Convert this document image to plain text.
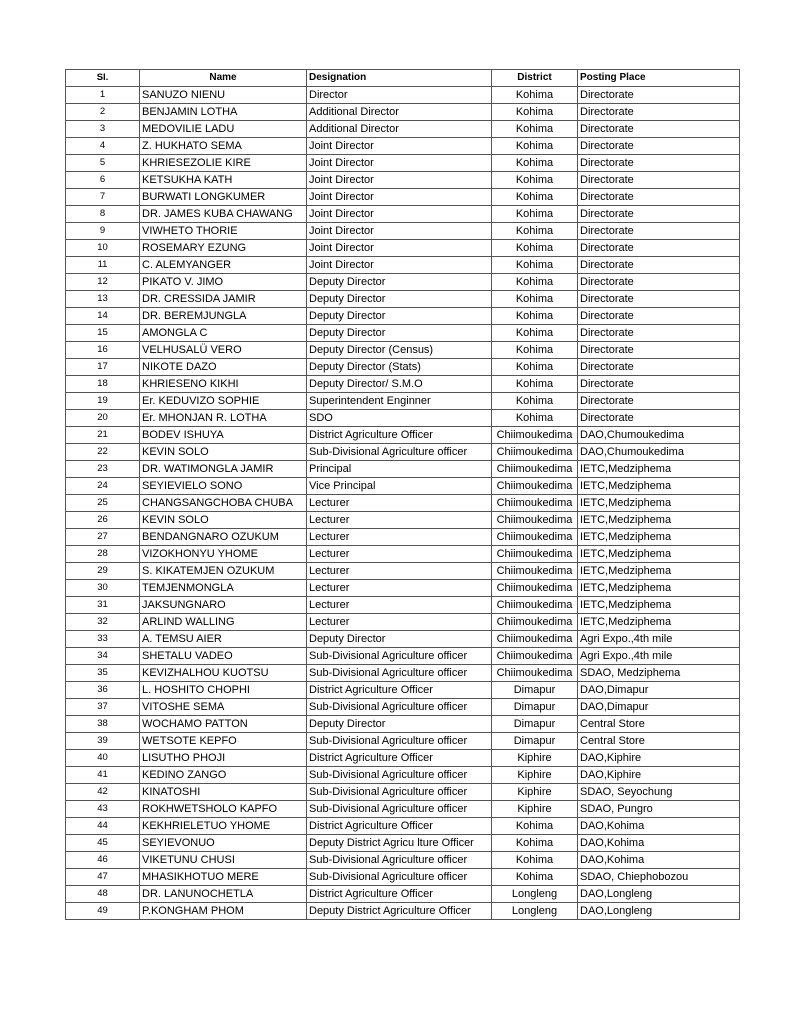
Sl.	Name	Designation	District	Posting Place
1	SANUZO NIENU	Director	Kohima	Directorate
2	BENJAMIN LOTHA	Additional Director	Kohima	Directorate
3	MEDOVILIE LADU	Additional Director	Kohima	Directorate
4	Z. HUKHATO SEMA	Joint Director	Kohima	Directorate
5	KHRIESEZOLIE KIRE	Joint Director	Kohima	Directorate
6	KETSUKHA KATH	Joint Director	Kohima	Directorate
7	BURWATI LONGKUMER	Joint Director	Kohima	Directorate
8	DR. JAMES KUBA CHAWANG	Joint Director	Kohima	Directorate
9	VIWHETO THORIE	Joint Director	Kohima	Directorate
10	ROSEMARY EZUNG	Joint Director	Kohima	Directorate
11	C. ALEMYANGER	Joint Director	Kohima	Directorate
12	PIKATO V. JIMO	Deputy Director	Kohima	Directorate
13	DR. CRESSIDA JAMIR	Deputy Director	Kohima	Directorate
14	DR. BEREMJUNGLA	Deputy Director	Kohima	Directorate
15	AMONGLA C	Deputy Director	Kohima	Directorate
16	VELHUSALÜ VERO	Deputy Director (Census)	Kohima	Directorate
17	NIKOTE DAZO	Deputy Director (Stats)	Kohima	Directorate
18	KHRIESENO KIKHI	Deputy Director/ S.M.O	Kohima	Directorate
19	Er. KEDUVIZO SOPHIE	Superintendent Enginner	Kohima	Directorate
20	Er. MHONJAN R. LOTHA	SDO	Kohima	Directorate
21	BODEV ISHUYA	District Agriculture Officer	Chiimoukedima	DAO,Chumoukedima
22	KEVIN SOLO	Sub-Divisional Agriculture officer	Chiimoukedima	DAO,Chumoukedima
23	DR. WATIMONGLA JAMIR	Principal	Chiimoukedima	IETC,Medziphema
24	SEYIEVIELO SONO	Vice Principal	Chiimoukedima	IETC,Medziphema
25	CHANGSANGCHOBA CHUBA	Lecturer	Chiimoukedima	IETC,Medziphema
26	KEVIN SOLO	Lecturer	Chiimoukedima	IETC,Medziphema
27	BENDANGNARO OZUKUM	Lecturer	Chiimoukedima	IETC,Medziphema
28	VIZOKHONYU YHOME	Lecturer	Chiimoukedima	IETC,Medziphema
29	S. KIKATEMJEN OZUKUM	Lecturer	Chiimoukedima	IETC,Medziphema
30	TEMJENMONGLA	Lecturer	Chiimoukedima	IETC,Medziphema
31	JAKSUNGNARO	Lecturer	Chiimoukedima	IETC,Medziphema
32	ARLIND WALLING	Lecturer	Chiimoukedima	IETC,Medziphema
33	A. TEMSU AIER	Deputy Director	Chiimoukedima	Agri Expo.,4th mile
34	SHETALU VADEO	Sub-Divisional Agriculture officer	Chiimoukedima	Agri Expo.,4th mile
35	KEVIZHALHOU KUOTSU	Sub-Divisional Agriculture officer	Chiimoukedima	SDAO, Medziphema
36	L. HOSHITO CHOPHI	District Agriculture Officer	Dimapur	DAO,Dimapur
37	VITOSHE SEMA	Sub-Divisional Agriculture officer	Dimapur	DAO,Dimapur
38	WOCHAMO PATTON	Deputy Director	Dimapur	Central Store
39	WETSOTE KEPFO	Sub-Divisional Agriculture officer	Dimapur	Central Store
40	LISUTHO PHOJI	District Agriculture Officer	Kiphire	DAO,Kiphire
41	KEDINO ZANGO	Sub-Divisional Agriculture officer	Kiphire	DAO,Kiphire
42	KINATOSHI	Sub-Divisional Agriculture officer	Kiphire	SDAO, Seyochung
43	ROKHWETSHOLO KAPFO	Sub-Divisional Agriculture officer	Kiphire	SDAO, Pungro
44	KEKHRIELETUO YHOME	District Agriculture Officer	Kohima	DAO,Kohima
45	SEYIEVONUO	Deputy District Agricu lture Officer	Kohima	DAO,Kohima
46	VIKETUNU CHUSI	Sub-Divisional Agriculture officer	Kohima	DAO,Kohima
47	MHASIKHOTUO MERE	Sub-Divisional Agriculture officer	Kohima	SDAO, Chiephobozou
48	DR. LANUNOCHETLA	District Agriculture Officer	Longleng	DAO,Longleng
49	P.KONGHAM PHOM	Deputy District Agriculture Officer	Longleng	DAO,Longleng
